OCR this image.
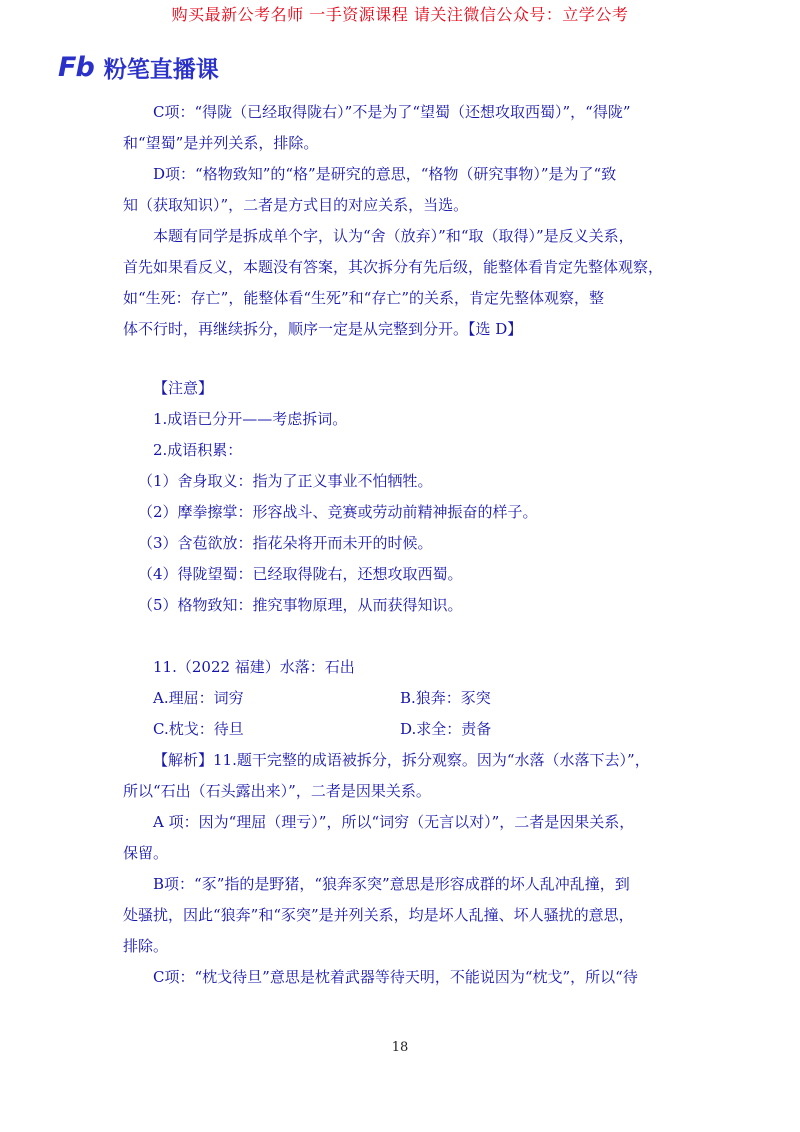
购买最新公考名师 一手资源课程 请关注微信公众号：立学公考
Fb 粉笔直播课

C项：“得陇（已经取得陇右）”不是为了“望蜀（还想攻取西蜀）”，“得陇”

和“望蜀”是并列关系，排除。

D项：“格物致知”的“格”是研究的意思，“格物（研究事物）”是为了“致

知（获取知识）”，二者是方式目的对应关系，当选。

本题有同学是拆成单个字，认为“舍（放弃）”和“取（取得）”是反义关系，

首先如果看反义，本题没有答案，其次拆分有先后级，能整体看肯定先整体观察，

如“生死：存亡”，能整体看“生死”和“存亡”的关系，肯定先整体观察，整

体不行时，再继续拆分，顺序一定是从完整到分开。【选 D】

【注意】

1.成语已分开——考虑拆词。

2.成语积累：

（1）舍身取义：指为了正义事业不怕牺牲。

（2）摩拳擦掌：形容战斗、竞赛或劳动前精神振奋的样子。

（3）含苞欲放：指花朵将开而未开的时候。

（4）得陇望蜀：已经取得陇右，还想攻取西蜀。

（5）格物致知：推究事物原理，从而获得知识。

11.（2022 福建）水落：石出

A.理屈：词穷	B.狼奔：豕突
C.枕戈：待旦	D.求全：责备

【解析】11.题干完整的成语被拆分，拆分观察。因为“水落（水落下去）”，

所以“石出（石头露出来）”，二者是因果关系。

A 项：因为“理屈（理亏）”，所以“词穷（无言以对）”，二者是因果关系，

保留。

B项：“豕”指的是野猪，“狼奔豕突”意思是形容成群的坏人乱冲乱撞，到

处骚扰，因此“狼奔”和“豕突”是并列关系，均是坏人乱撞、坏人骚扰的意思，

排除。

C项：“枕戈待旦”意思是枕着武器等待天明，不能说因为“枕戈”，所以“待

18
